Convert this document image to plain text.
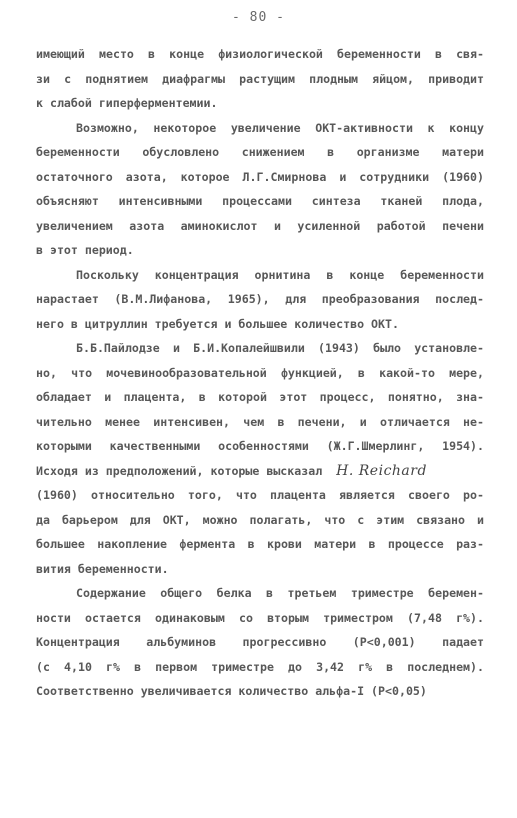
- 80 -
имеющий место в конце физиологической беременности в свя-
зи с поднятием диафрагмы растущим плодным яйцом, приводит
к слабой гиперферментемии.
Возможно, некоторое увеличение ОКТ-активности к концу
беременности обусловлено снижением в организме матери
остаточного азота, которое Л.Г.Смирнова и сотрудники (1960)
объясняют интенсивными процессами синтеза тканей плода,
увеличением азота аминокислот и усиленной работой печени
в этот период.
Поскольку концентрация орнитина в конце беременности
нарастает (В.М.Лифанова, 1965), для преобразования послед-
него в цитруллин требуется и большее количество ОКТ.
Б.Б.Пайлодзе и Б.И.Копалейшвили (1943) было установле-
но, что мочевинообразовательной функцией, в какой-то мере,
обладает и плацента, в которой этот процесс, понятно, зна-
чительно менее интенсивен, чем в печени, и отличается не-
которыми качественными особенностями (Ж.Г.Шмерлинг, 1954).
Исходя из предположений, которые высказал H. Reichard
(1960) относительно того, что плацента является своего ро-
да барьером для ОКТ, можно полагать, что с этим связано и
большее накопление фермента в крови матери в процессе раз-
вития беременности.
Содержание общего белка в третьем триместре беремен-
ности остается одинаковым со вторым триместром (7,48 г%).
Концентрация альбуминов прогрессивно (Р<0,001) падает
(с 4,10 г% в первом триместре до 3,42 г% в последнем).
Соответственно увеличивается количество альфа-I (Р<0,05)
